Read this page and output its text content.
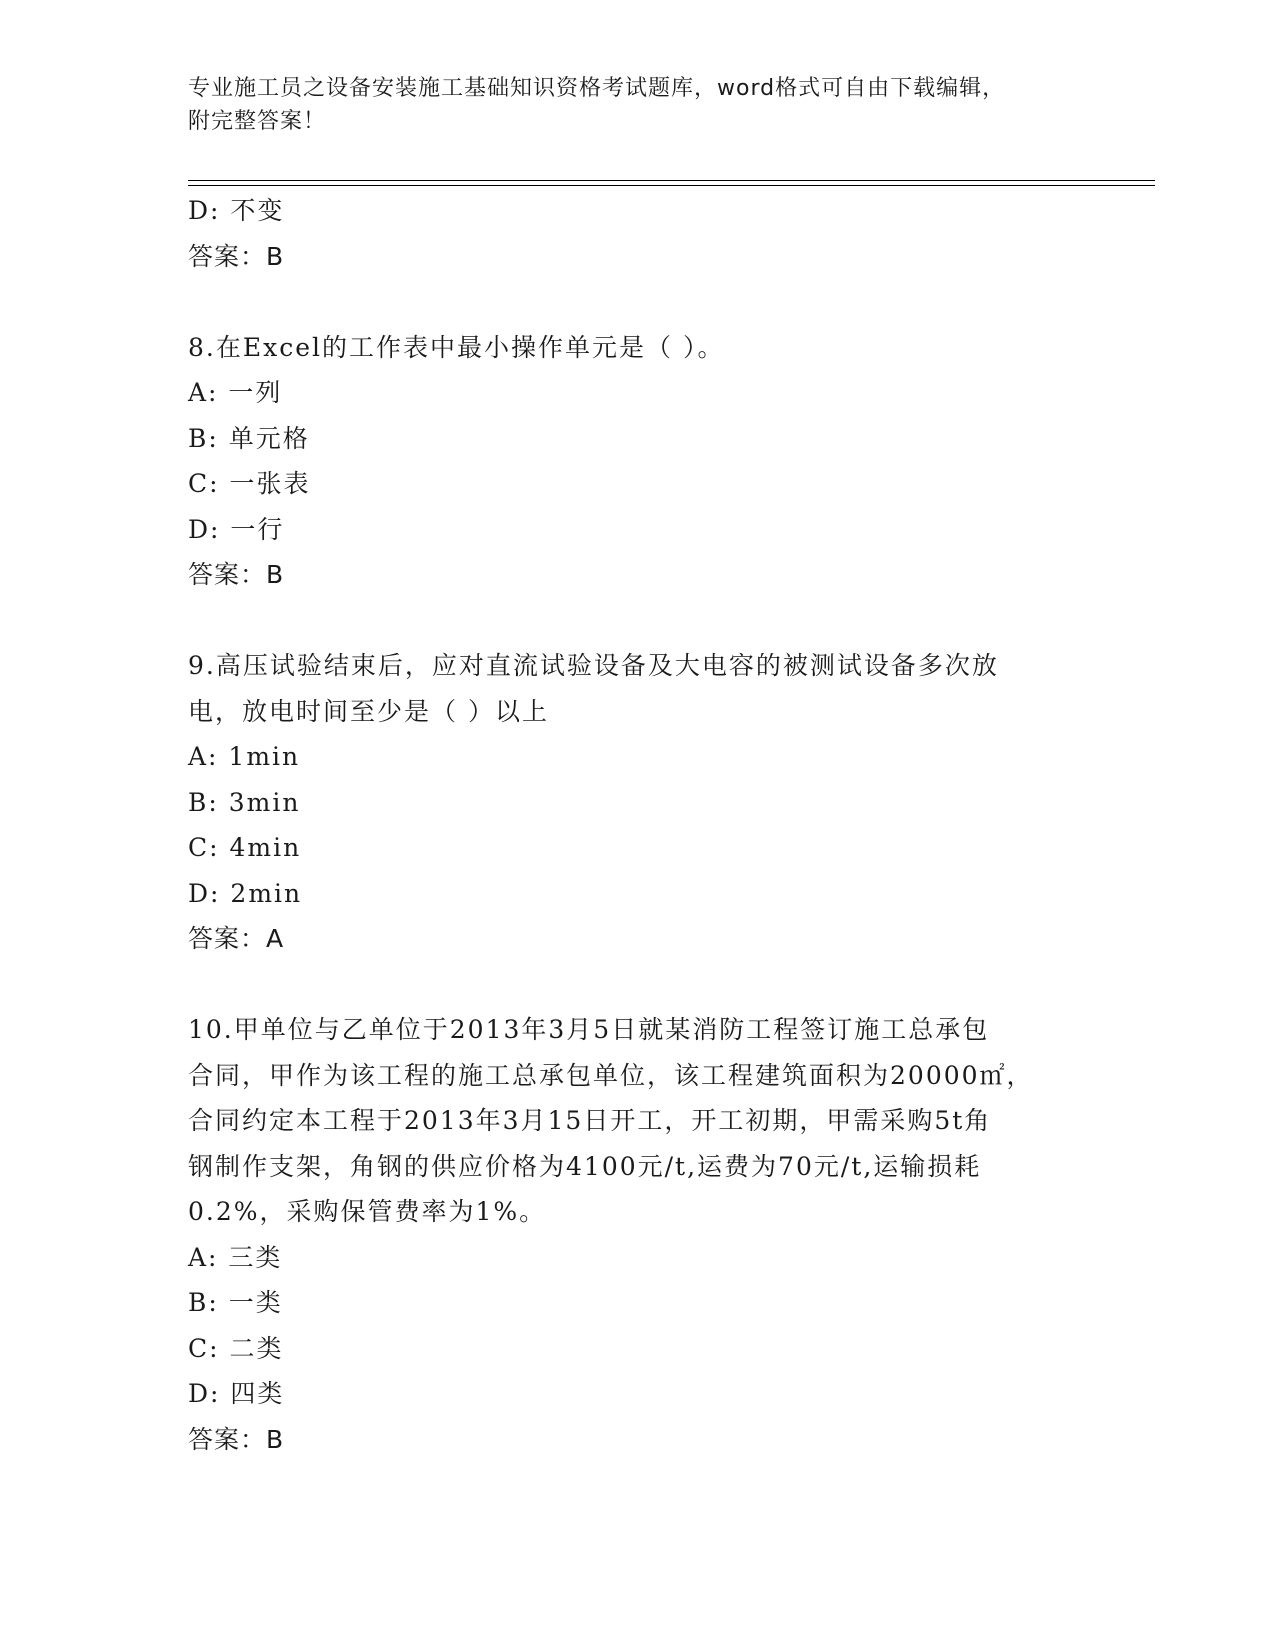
专业施工员之设备安装施工基础知识资格考试题库，word格式可自由下载编辑，
附完整答案！
D: 不变
答案：B
8.在Excel的工作表中最小操作单元是（ ）。
A: 一列
B: 单元格
C: 一张表
D: 一行
答案：B
9.高压试验结束后，应对直流试验设备及大电容的被测试设备多次放
电，放电时间至少是（ ）以上
A: 1min
B: 3min
C: 4min
D: 2min
答案：A
10.甲单位与乙单位于2013年3月5日就某消防工程签订施工总承包
合同，甲作为该工程的施工总承包单位，该工程建筑面积为20000㎡，
合同约定本工程于2013年3月15日开工，开工初期，甲需采购5t角
钢制作支架，角钢的供应价格为4100元/t,运费为70元/t,运输损耗
0.2%，采购保管费率为1%。
A: 三类
B: 一类
C: 二类
D: 四类
答案：B
